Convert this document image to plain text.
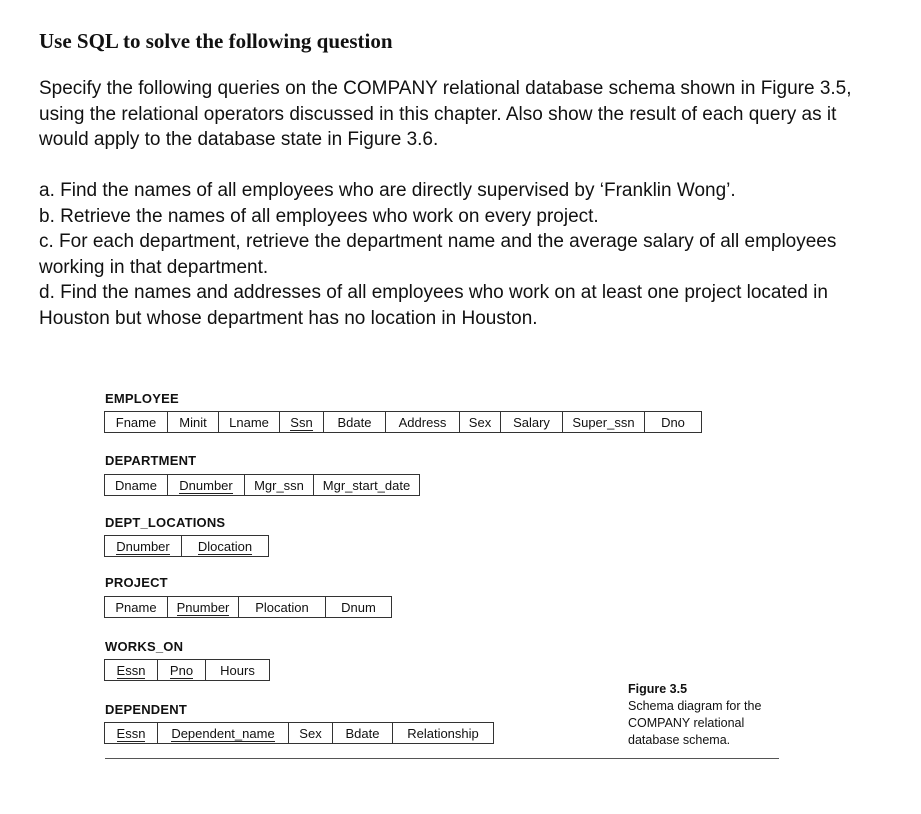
Use SQL to solve the following question

Specify the following queries on the COMPANY relational database schema shown in Figure 3.5,
using the relational operators discussed in this chapter. Also show the result of each query as it
would apply to the database state in Figure 3.6.

a. Find the names of all employees who are directly supervised by ‘Franklin Wong’.
b. Retrieve the names of all employees who work on every project.
c. For each department, retrieve the department name and the average salary of all employees
working in that department.
d. Find the names and addresses of all employees who work on at least one project located in
Houston but whose department has no location in Houston.
EMPLOYEE
Fname	Minit	Lname	Ssn	Bdate	Address	Sex	Salary	Super_ssn	Dno
DEPARTMENT
Dname	Dnumber	Mgr_ssn	Mgr_start_date
DEPT_LOCATIONS
Dnumber	Dlocation
PROJECT
Pname	Pnumber	Plocation	Dnum
WORKS_ON
Essn	Pno	Hours
DEPENDENT
Essn	Dependent_name	Sex	Bdate	Relationship
Figure 3.5
Schema diagram for the
COMPANY relational
database schema.
